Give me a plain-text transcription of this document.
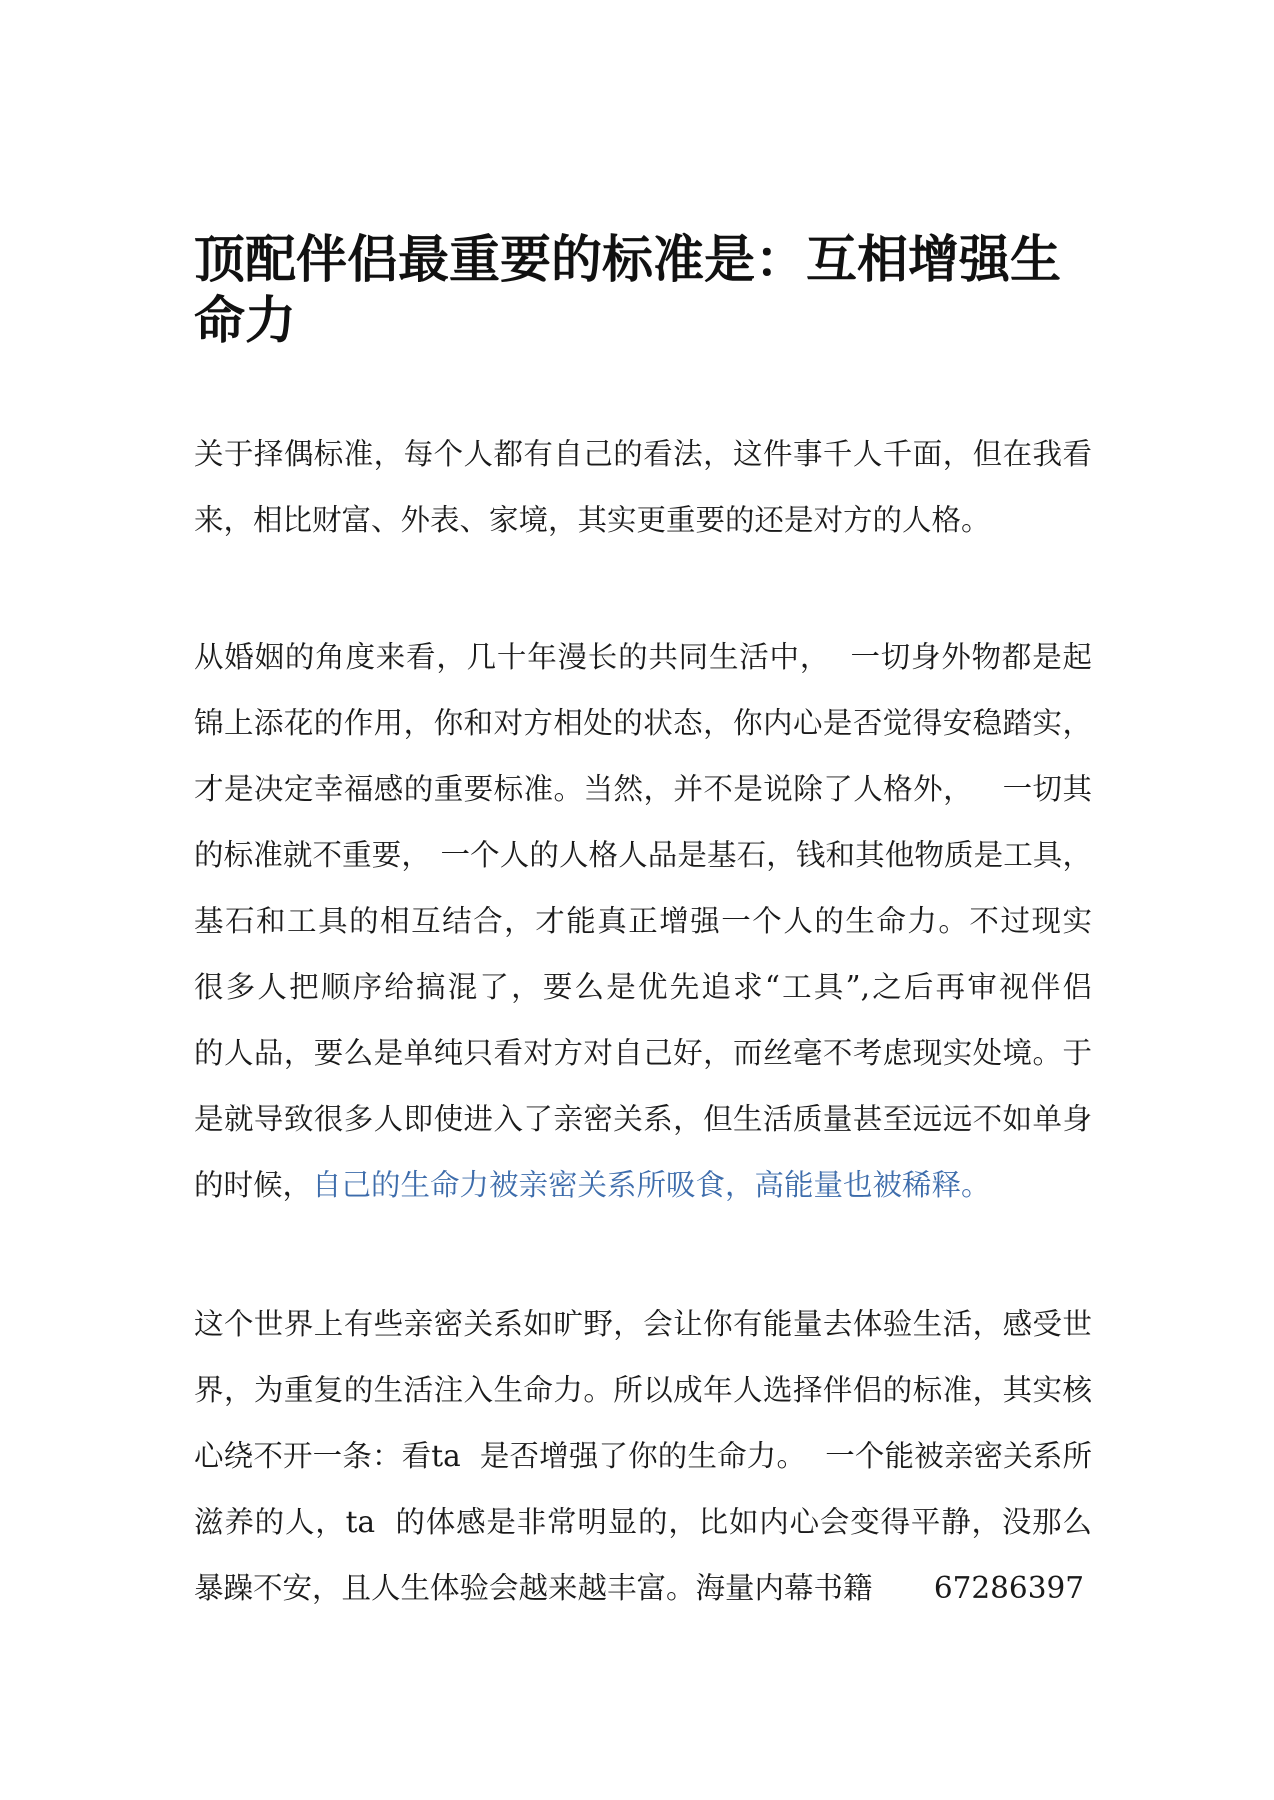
顶配伴侣最重要的标准是：互相增强生
命力
关于择偶标准，每个人都有自己的看法，这件事千人千面，但在我看
来，相比财富、外表、家境，其实更重要的还是对方的人格。
从婚姻的角度来看，几十年漫长的共同生活中，  一切身外物都是起
锦上添花的作用，你和对方相处的状态，你内心是否觉得安稳踏实，
才是决定幸福感的重要标准。当然，并不是说除了人格外，   一切其
的标准就不重要， 一个人的人格人品是基石，钱和其他物质是工具，
基石和工具的相互结合，才能真正增强一个人的生命力。不过现实
很多人把顺序给搞混了，要么是优先追求“工具”,之后再审视伴侣
的人品，要么是单纯只看对方对自己好，而丝毫不考虑现实处境。于
是就导致很多人即使进入了亲密关系，但生活质量甚至远远不如单身
的时候，自己的生命力被亲密关系所吸食，高能量也被稀释。
这个世界上有些亲密关系如旷野，会让你有能量去体验生活，感受世
界，为重复的生活注入生命力。所以成年人选择伴侣的标准，其实核
心绕不开一条：看ta  是否增强了你的生命力。  一个能被亲密关系所
滋养的人，ta  的体感是非常明显的，比如内心会变得平静，没那么
暴躁不安，且人生体验会越来越丰富。海量内幕书籍 67286397
